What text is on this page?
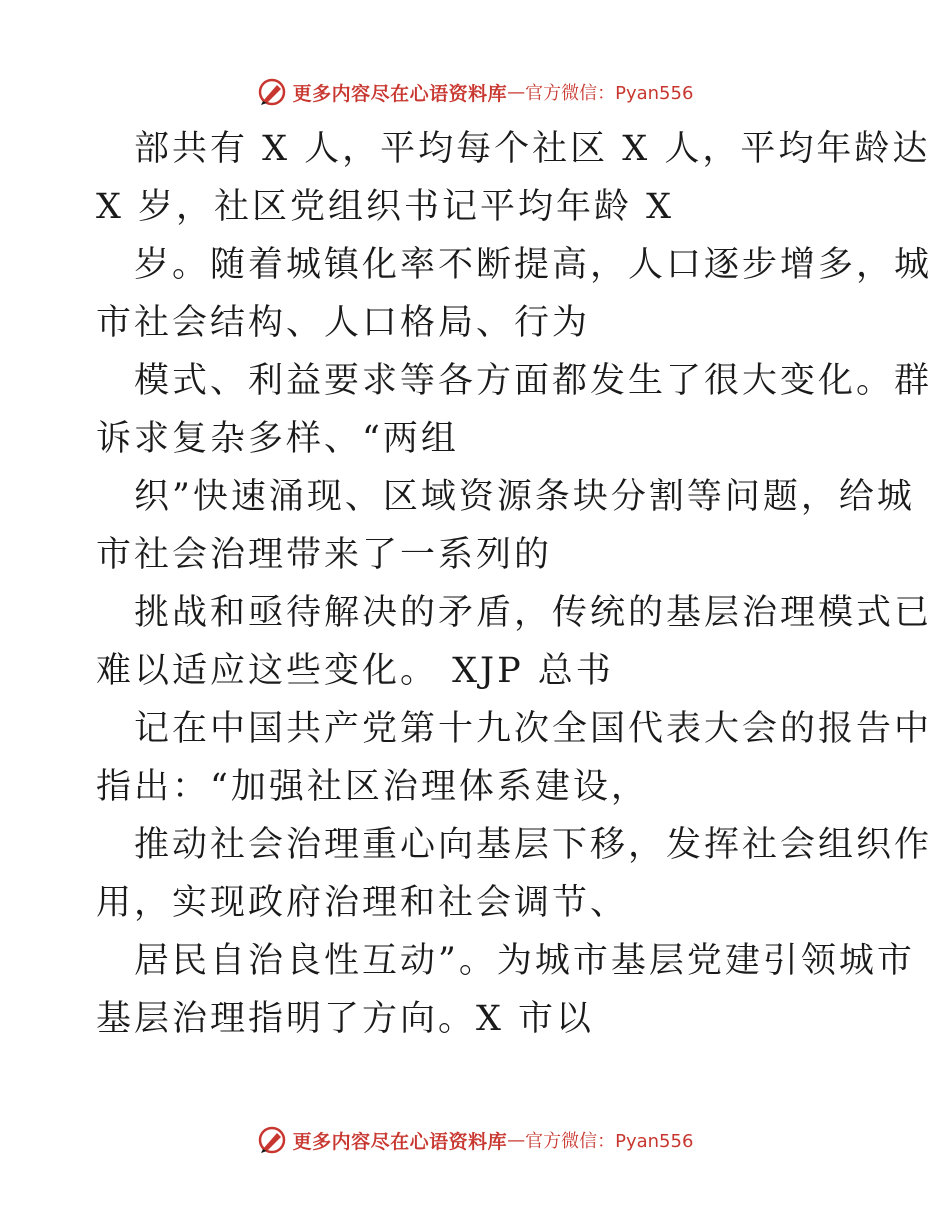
更多内容尽在心语资料库 — 官方微信：Pyan556
部共有 X 人，平均每个社区 X 人，平均年龄达
X 岁，社区党组织书记平均年龄 X
岁。随着城镇化率不断提高，人口逐步增多，城
市社会结构、人口格局、行为
模式、利益要求等各方面都发生了很大变化。群
诉求复杂多样、“两组
织”快速涌现、区域资源条块分割等问题，给城
市社会治理带来了一系列的
挑战和亟待解决的矛盾，传统的基层治理模式已
难以适应这些变化。 XJP 总书
记在中国共产党第十九次全国代表大会的报告中
指出：“加强社区治理体系建设，
推动社会治理重心向基层下移，发挥社会组织作
用，实现政府治理和社会调节、
居民自治良性互动”。为城市基层党建引领城市
基层治理指明了方向。X 市以
更多内容尽在心语资料库 — 官方微信：Pyan556
